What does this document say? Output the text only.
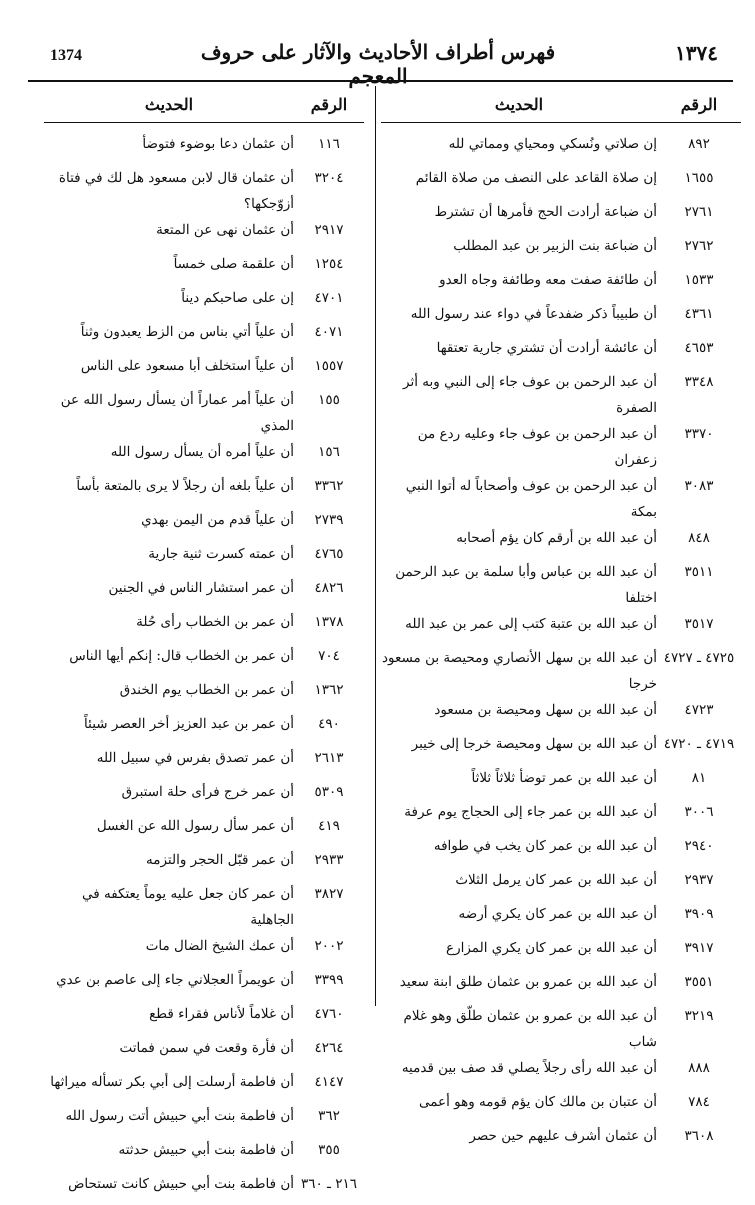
1374	فهرس أطراف الأحاديث والآثار على حروف المعجم
١٣٧٤
الرقم
الحديث
٨٩٢
إن صلاتي ونُسكي ومحياي ومماتي لله
١٦٥٥
إن صلاة القاعد على النصف من صلاة القائم
٢٧٦١
أن ضباعة أرادت الحج فأمرها أن تشترط
٢٧٦٢
أن ضباعة بنت الزبير بن عبد المطلب
١٥٣٣
أن طائفة صفت معه وطائفة وجاه العدو
٤٣٦١
أن طبيباً ذكر ضفدعاً في دواء عند رسول الله
٤٦٥٣
أن عائشة أرادت أن تشتري جارية تعتقها
٣٣٤٨
أن عبد الرحمن بن عوف جاء إلى النبي وبه أثر الصفرة
٣٣٧٠
أن عبد الرحمن بن عوف جاء وعليه ردع من زعفران
٣٠٨٣
أن عبد الرحمن بن عوف وأصحاباً له أتوا النبي بمكة
٨٤٨
أن عبد الله بن أرقم كان يؤم أصحابه
٣٥١١
أن عبد الله بن عباس وأبا سلمة بن عبد الرحمن اختلفا
٣٥١٧
أن عبد الله بن عتبة كتب إلى عمر بن عبد الله
٤٧٢٥ ـ ٤٧٢٧
أن عبد الله بن سهل الأنصاري ومحيصة بن مسعود خرجا
٤٧٢٣
أن عبد الله بن سهل ومحيصة بن مسعود
٤٧١٩ ـ ٤٧٢٠
أن عبد الله بن سهل ومحيصة خرجا إلى خيبر
٨١
أن عبد الله بن عمر توضأ ثلاثاً ثلاثاً
٣٠٠٦
أن عبد الله بن عمر جاء إلى الحجاج يوم عرفة
٢٩٤٠
أن عبد الله بن عمر كان يخب في طوافه
٢٩٣٧
أن عبد الله بن عمر كان يرمل الثلاث
٣٩٠٩
أن عبد الله بن عمر كان يكري أرضه
٣٩١٧
أن عبد الله بن عمر كان يكري المزارع
٣٥٥١
أن عبد الله بن عمرو بن عثمان طلق ابنة سعيد
٣٢١٩
أن عبد الله بن عمرو بن عثمان طلّق وهو غلام شاب
٨٨٨
أن عبد الله رأى رجلاً يصلي قد صف بين قدميه
٧٨٤
أن عتبان بن مالك كان يؤم قومه وهو أعمى
٣٦٠٨
أن عثمان أشرف عليهم حين حصر
الرقم
الحديث
١١٦
أن عثمان دعا بوضوء فتوضأ
٣٢٠٤
أن عثمان قال لابن مسعود هل لك في فتاة أزوّجكها؟
٢٩١٧
أن عثمان نهى عن المتعة
١٢٥٤
أن علقمة صلى خمساً
٤٧٠١
إن على صاحبكم ديناً
٤٠٧١
أن علياً أتي بناس من الزط يعبدون وثناً
١٥٥٧
أن علياً استخلف أبا مسعود على الناس
١٥٥
أن علياً أمر عماراً أن يسأل رسول الله عن المذي
١٥٦
أن علياً أمره أن يسأل رسول الله
٣٣٦٢
أن علياً بلغه أن رجلاً لا يرى بالمتعة بأساً
٢٧٣٩
أن علياً قدم من اليمن بهدي
٤٧٦٥
أن عمته كسرت ثنية جارية
٤٨٢٦
أن عمر استشار الناس في الجنين
١٣٧٨
أن عمر بن الخطاب رأى حُلة
٧٠٤
أن عمر بن الخطاب قال: إنكم أيها الناس
١٣٦٢
أن عمر بن الخطاب يوم الخندق
٤٩٠
أن عمر بن عبد العزيز أخر العصر شيئاً
٢٦١٣
أن عمر تصدق بفرس في سبيل الله
٥٣٠٩
أن عمر خرج فرأى حلة استبرق
٤١٩
أن عمر سأل رسول الله عن الغسل
٢٩٣٣
أن عمر قبّل الحجر والتزمه
٣٨٢٧
أن عمر كان جعل عليه يوماً يعتكفه في الجاهلية
٢٠٠٢
أن عمك الشيخ الضال مات
٣٣٩٩
أن عويمراً العجلاني جاء إلى عاصم بن عدي
٤٧٦٠
أن غلاماً لأناس فقراء قطع
٤٢٦٤
أن فأرة وقعت في سمن فماتت
٤١٤٧
أن فاطمة أرسلت إلى أبي بكر تسأله ميراثها
٣٦٢
أن فاطمة بنت أبي حبيش أتت رسول الله
٣٥٥
أن فاطمة بنت أبي حبيش حدثته
٢١٦ ـ ٣٦٠
أن فاطمة بنت أبي حبيش كانت تستحاض
